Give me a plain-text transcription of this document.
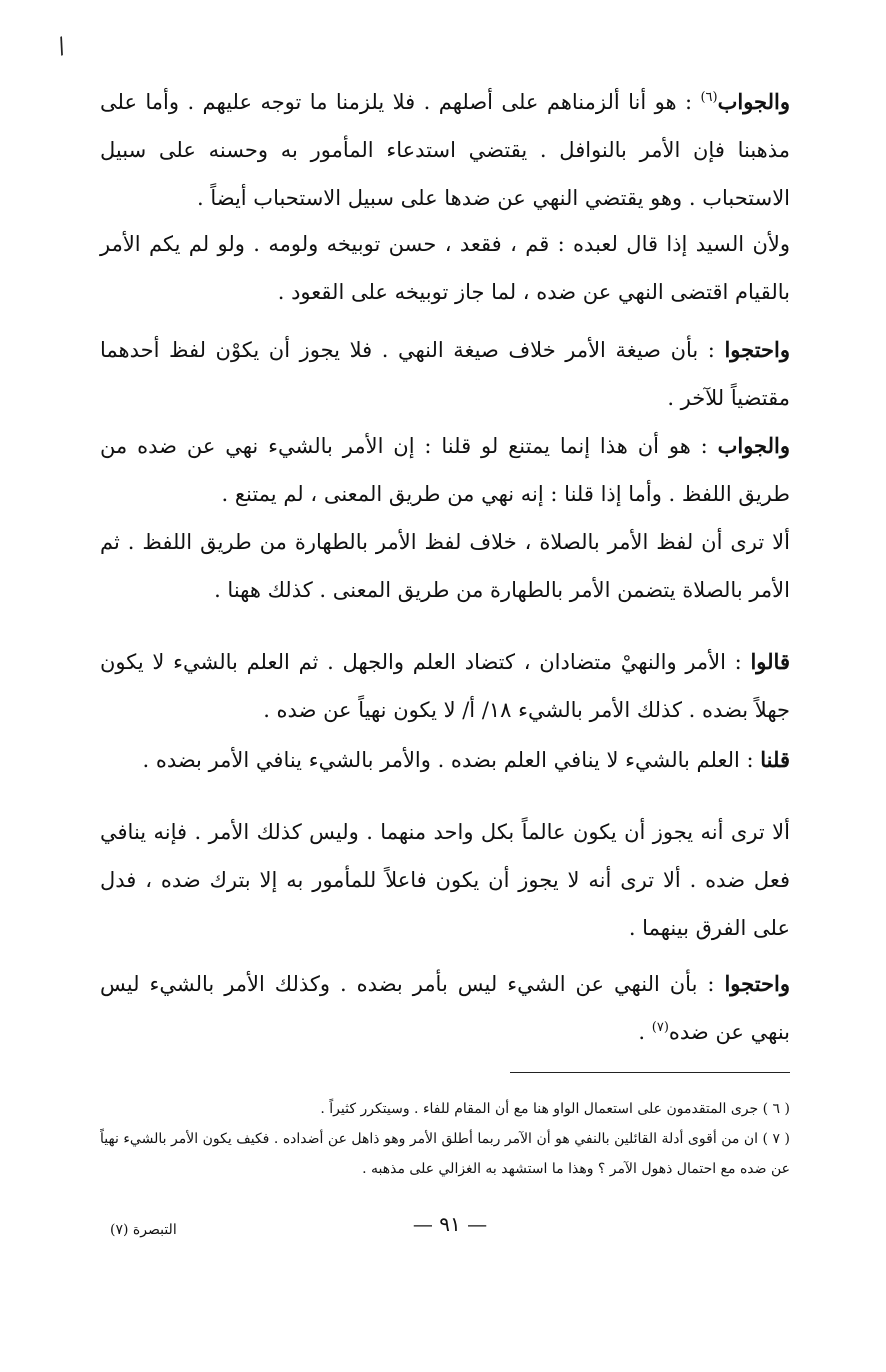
/

والجواب$^{(٦)}$ : هو أنا ألزمناهم على أصلهم . فلا يلزمنا ما توجه عليهم . وأما على مذهبنا فإن الأمر بالنوافل . يقتضي استدعاء المأمور به وحسنه على سبيل الاستحباب . وهو يقتضي النهي عن ضدها على سبيل الاستحباب أيضاً .

ولأن السيد إذا قال لعبده : قم ، فقعد ، حسن توبيخه ولومه . ولو لم يكم الأمر بالقيام اقتضى النهي عن ضده ، لما جاز توبيخه على القعود .

واحتجوا : بأن صيغة الأمر خلاف صيغة النهي . فلا يجوز أن يكوْن لفظ أحدهما مقتضياً للآخر .

والجواب : هو أن هذا إنما يمتنع لو قلنا : إن الأمر بالشيء نهي عن ضده من طريق اللفظ . وأما إذا قلنا : إنه نهي من طريق المعنى ، لم يمتنع .

ألا ترى أن لفظ الأمر بالصلاة ، خلاف لفظ الأمر بالطهارة من طريق اللفظ . ثم الأمر بالصلاة يتضمن الأمر بالطهارة من طريق المعنى . كذلك ههنا .

قالوا : الأمر والنهيْ متضادان ، كتضاد العلم والجهل . ثم العلم بالشيء لا يكون جهلاً بضده . كذلك الأمر بالشيء ١٨/ أ/ لا يكون نهياً عن ضده .

قلنا : العلم بالشيء لا ينافي العلم بضده . والأمر بالشيء ينافي الأمر بضده .

ألا ترى أنه يجوز أن يكون عالماً بكل واحد منهما . وليس كذلك الأمر . فإنه ينافي فعل ضده . ألا ترى أنه لا يجوز أن يكون فاعلاً للمأمور به إلا بترك ضده ، فدل على الفرق بينهما .

واحتجوا : بأن النهي عن الشيء ليس بأمر بضده . وكذلك الأمر بالشيء ليس بنهي عن ضده$^{(٧)}$ .

( ٦ ) جرى المتقدمون على استعمال الواو هنا مع أن المقام للفاء . وسيتكرر كثيراً .

( ٧ ) ان من أقوى أدلة القائلين بالنفي هو أن الآمر ربما أطلق الأمر وهو ذاهل عن أضداده . فكيف يكون الأمر بالشيء نهياً عن ضده مع احتمال ذهول الآمر ؟ وهذا ما استشهد به الغزالي على مذهبه .

— ٩١ —
التبصرة (٧)
